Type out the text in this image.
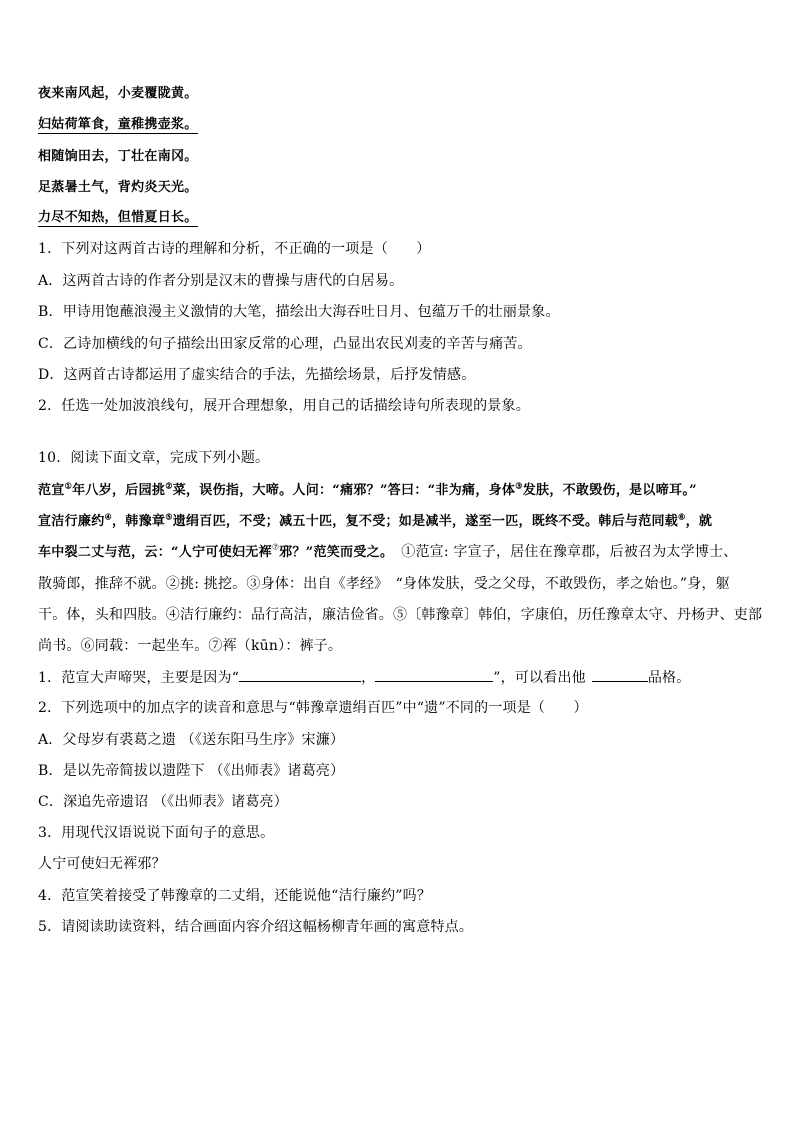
夜来南风起，小麦覆陇黄。
妇姑荷箪食，童稚携壶浆。
相随饷田去，丁壮在南冈。
足蒸暑土气，背灼炎天光。
力尽不知热，但惜夏日长。
1．下列对这两首古诗的理解和分析，不正确的一项是（　　）
A．这两首古诗的作者分别是汉末的曹操与唐代的白居易。
B．甲诗用饱蘸浪漫主义激情的大笔，描绘出大海吞吐日月、包蕴万千的壮丽景象。
C．乙诗加横线的句子描绘出田家反常的心理，凸显出农民刈麦的辛苦与痛苦。
D．这两首古诗都运用了虚实结合的手法，先描绘场景，后抒发情感。
2．任选一处加波浪线句，展开合理想象，用自己的话描绘诗句所表现的景象。
10．阅读下面文章，完成下列小题。
范宣①年八岁，后园挑②菜，误伤指，大啼。人问：“痛邪？”答曰：“非为痛，身体③发肤，不敢毁伤，是以啼耳。”
宣洁行廉约④，韩豫章⑤遗绢百匹，不受；减五十匹，复不受；如是减半，遂至一匹，既终不受。韩后与范同载⑥，就
车中裂二丈与范，云：“人宁可使妇无裈⑦邪？”范笑而受之。 ①范宣: 字宣子，居住在豫章郡，后被召为太学博士、
散骑郎，推辞不就。②挑: 挑挖。③身体：出自《孝经》　“身体发肤，受之父母，不敢毁伤，孝之始也。”身，躯
干。体，头和四肢。④洁行廉约：品行高洁，廉洁俭省。⑤〔韩豫章〕韩伯，字康伯，历任豫章太守、丹杨尹、吏部
尚书。⑥同载：一起坐车。⑦裈（kūn）：裤子。
1．范宣大声啼哭，主要是因为“	，	”，可以看出他	品格。
2．下列选项中的加点字的读音和意思与“韩豫章遗绢百匹”中“遗”不同的一项是（　　）
A．父母岁有裘葛之遗 （《送东阳马生序》宋濂）
B．是以先帝简拔以遗陛下 （《出师表》诸葛亮）
C．深追先帝遗诏 （《出师表》诸葛亮）
3．用现代汉语说说下面句子的意思。
人宁可使妇无裈邪？
4．范宣笑着接受了韩豫章的二丈绢，还能说他“洁行廉约”吗？
5．请阅读助读资料，结合画面内容介绍这幅杨柳青年画的寓意特点。
